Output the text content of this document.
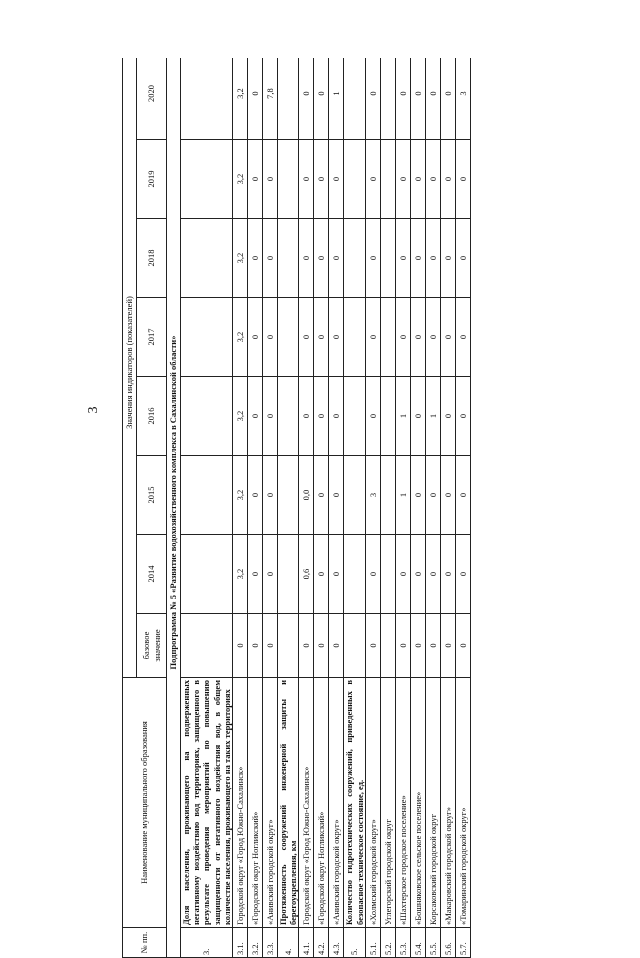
3
№ пп.	Наименование муниципального образования	Значения индикаторов (показателей)							
		базовое значение	2014	2015	2016	2017	2018	2019	2020
Подпрограмма № 5 «Развитие водохозяйственного комплекса в Сахалинской области»									
3.	Доля населения, проживающего на подверженных негативному воздействию вод территориях, защищенного в результате проведения мероприятий по повышению защищенности от негативного воздействия вод, в общем количестве населения, проживающего на таких территориях								
3.1.	Городской округ «Город Южно-Сахалинск»	0	3,2	3,2	3,2	3,2	3,2	3,2	3,2
3.2.	«Городской округ Ногликский»	0	0	0	0	0	0	0	0
3.3.	«Анивский городской округ»	0	0	0	0	0	0	0	7,8
4.	Протяженность сооружений инженерной защиты и берегоукрепления, км								
4.1.	Городской округ «Город Южно-Сахалинск»	0	0,6	0,0	0	0	0	0	0
4.2.	«Городской округ Ногликский»	0	0	0	0	0	0	0	0
4.3.	«Анивский городской округ»	0	0	0	0	0	0	0	1
5.	Количество гидротехнических сооружений, приведенных в безопасное техническое состояние, ед.								
5.1.	«Холмский городской округ»	0	0	3	0	0	0	0	0
5.2.	Углегорский городской округ								
5.3.	«Шахтерское городское поселение»	0	0	1	1	0	0	0	0
5.4.	«Бошняковское сельское поселение»	0	0	0	0	0	0	0	0
5.5.	Корсаковский городской округ	0	0	0	1	0	0	0	0
5.6.	«Макаровский городской округ»	0	0	0	0	0	0	0	0
5.7.	«Томаринский городской округ»	0	0	0	0	0	0	0	3
